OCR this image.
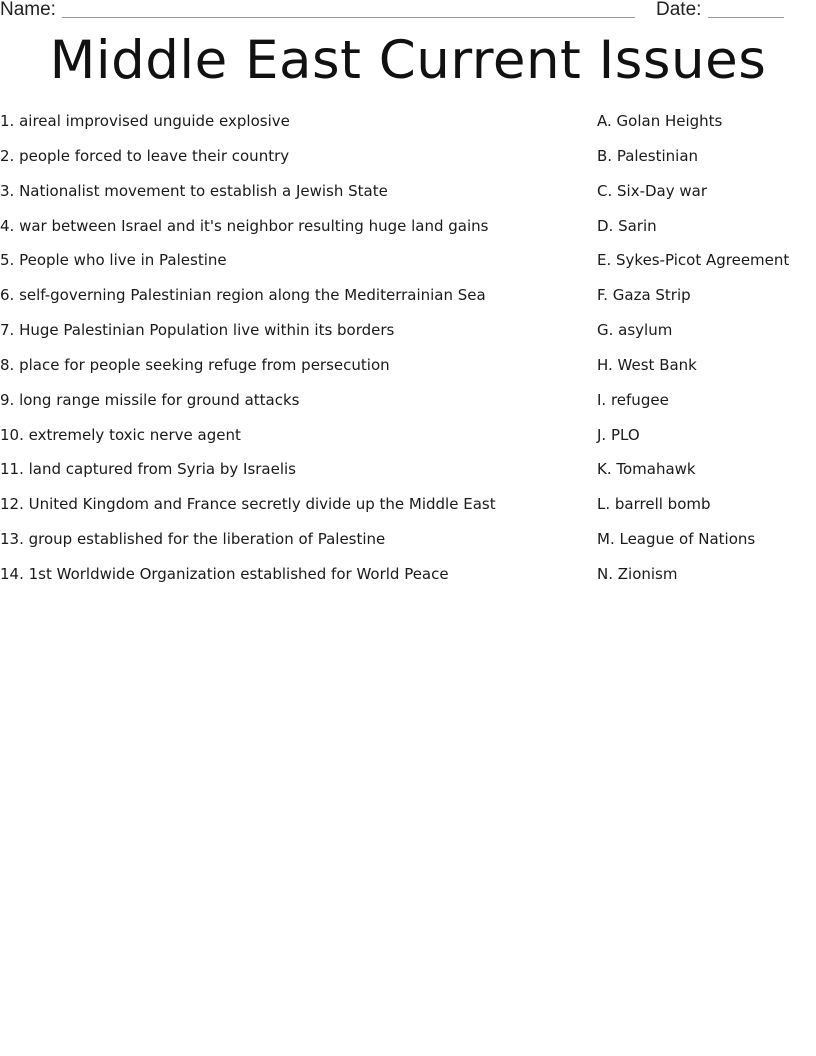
Name:	Date:
Middle East Current Issues
1. aireal improvised unguide explosive
2. people forced to leave their country
3. Nationalist movement to establish a Jewish State
4. war between Israel and it's neighbor resulting huge land gains
5. People who live in Palestine
6. self-governing Palestinian region along the Mediterrainian Sea
7. Huge Palestinian Population live within its borders
8. place for people seeking refuge from persecution
9. long range missile for ground attacks
10. extremely toxic nerve agent
11. land captured from Syria by Israelis
12. United Kingdom and France secretly divide up the Middle East
13. group established for the liberation of Palestine
14. 1st Worldwide Organization established for World Peace
A. Golan Heights
B. Palestinian
C. Six-Day war
D. Sarin
E. Sykes-Picot Agreement
F. Gaza Strip
G. asylum
H. West Bank
I. refugee
J. PLO
K. Tomahawk
L. barrell bomb
M. League of Nations
N. Zionism
